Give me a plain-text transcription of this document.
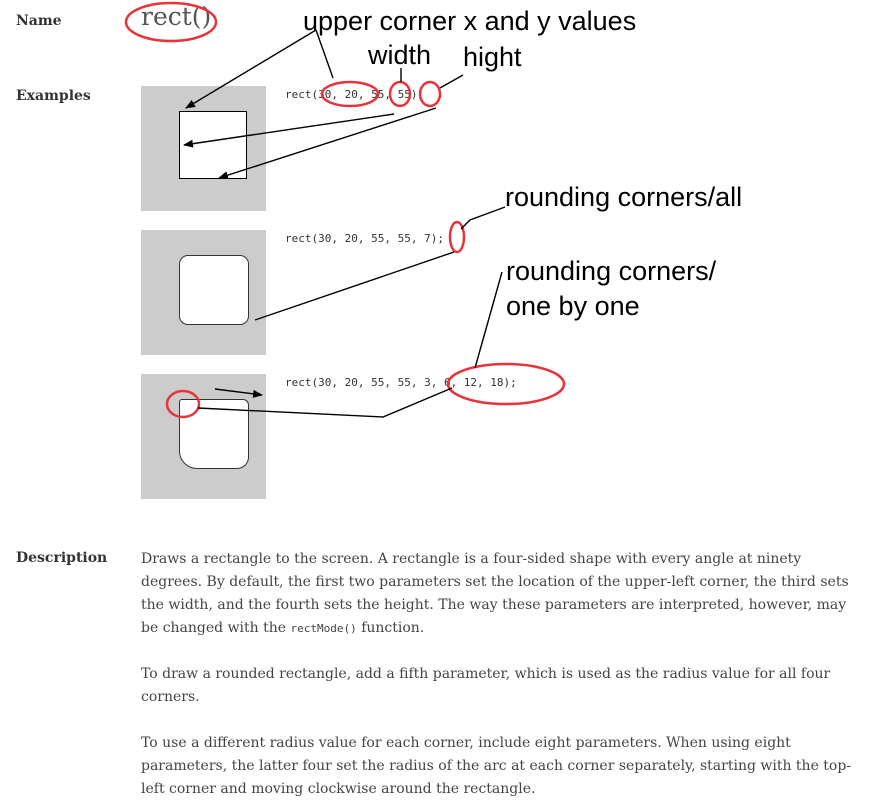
Name	rect()
Examples	rect(30, 20, 55, 55);
rect(30, 20, 55, 55, 7);
rect(30, 20, 55, 55, 3, 6, 12, 18);
upper corner x and y values
width hight
rounding corners/all
rounding corners/
one by one
Description Draws a rectangle to the screen. A rectangle is a four-sided shape with every angle at ninety degrees. By default, the first two parameters set the location of the upper-left corner, the third sets the width, and the fourth sets the height. The way these parameters are interpreted, however, may be changed with the rectMode() function.

To draw a rounded rectangle, add a fifth parameter, which is used as the radius value for all four corners.

To use a different radius value for each corner, include eight parameters. When using eight parameters, the latter four set the radius of the arc at each corner separately, starting with the top-left corner and moving clockwise around the rectangle.
